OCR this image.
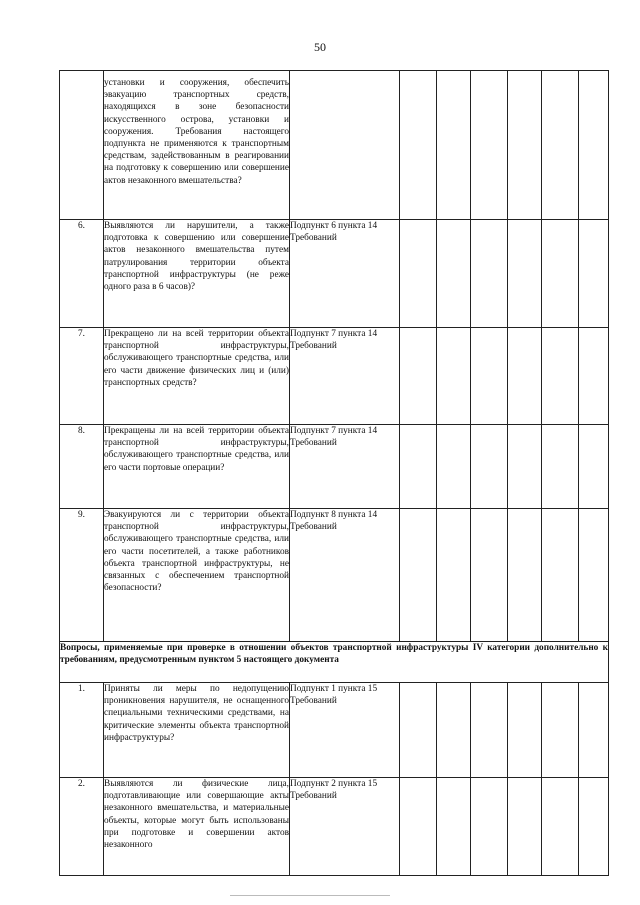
50
	установки и сооружения, обеспечить эвакуацию транспортных средств, находящихся в зоне безопасности искусственного острова, установки и сооружения. Требования настоящего подпункта не применяются к транспортным средствам, задействованным в реагировании на подготовку к совершению или совершение актов незаконного вмешательства?							
6.	Выявляются ли нарушители, а также подготовка к совершению или совершение актов незаконного вмешательства путем патрулирования территории объекта транспортной инфраструктуры (не реже одного раза в 6 часов)?	Подпункт 6 пункта 14 Требований						
7.	Прекращено ли на всей территории объекта транспортной инфраструктуры, обслуживающего транспортные средства, или его части движение физических лиц и (или) транспортных средств?	Подпункт 7 пункта 14 Требований						
8.	Прекращены ли на всей территории объекта транспортной инфраструктуры, обслуживающего транспортные средства, или его части портовые операции?	Подпункт 7 пункта 14 Требований						
9.	Эвакуируются ли с территории объекта транспортной инфраструктуры, обслуживающего транспортные средства, или его части посетителей, а также работников объекта транспортной инфраструктуры, не связанных с обеспечением транспортной безопасности?	Подпункт 8 пункта 14 Требований						
Вопросы, применяемые при проверке в отношении объектов транспортной инфраструктуры IV категории дополнительно к требованиям, предусмотренным пунктом 5 настоящего документа								
1.	Приняты ли меры по недопущению проникновения нарушителя, не оснащенного специальными техническими средствами, на критические элементы объекта транспортной инфраструктуры?	Подпункт 1 пункта 15 Требований						
2.	Выявляются ли физические лица, подготавливающие или совершающие акты незаконного вмешательства, и материальные объекты, которые могут быть использованы при подготовке и совершении актов незаконного	Подпункт 2 пункта 15 Требований						
